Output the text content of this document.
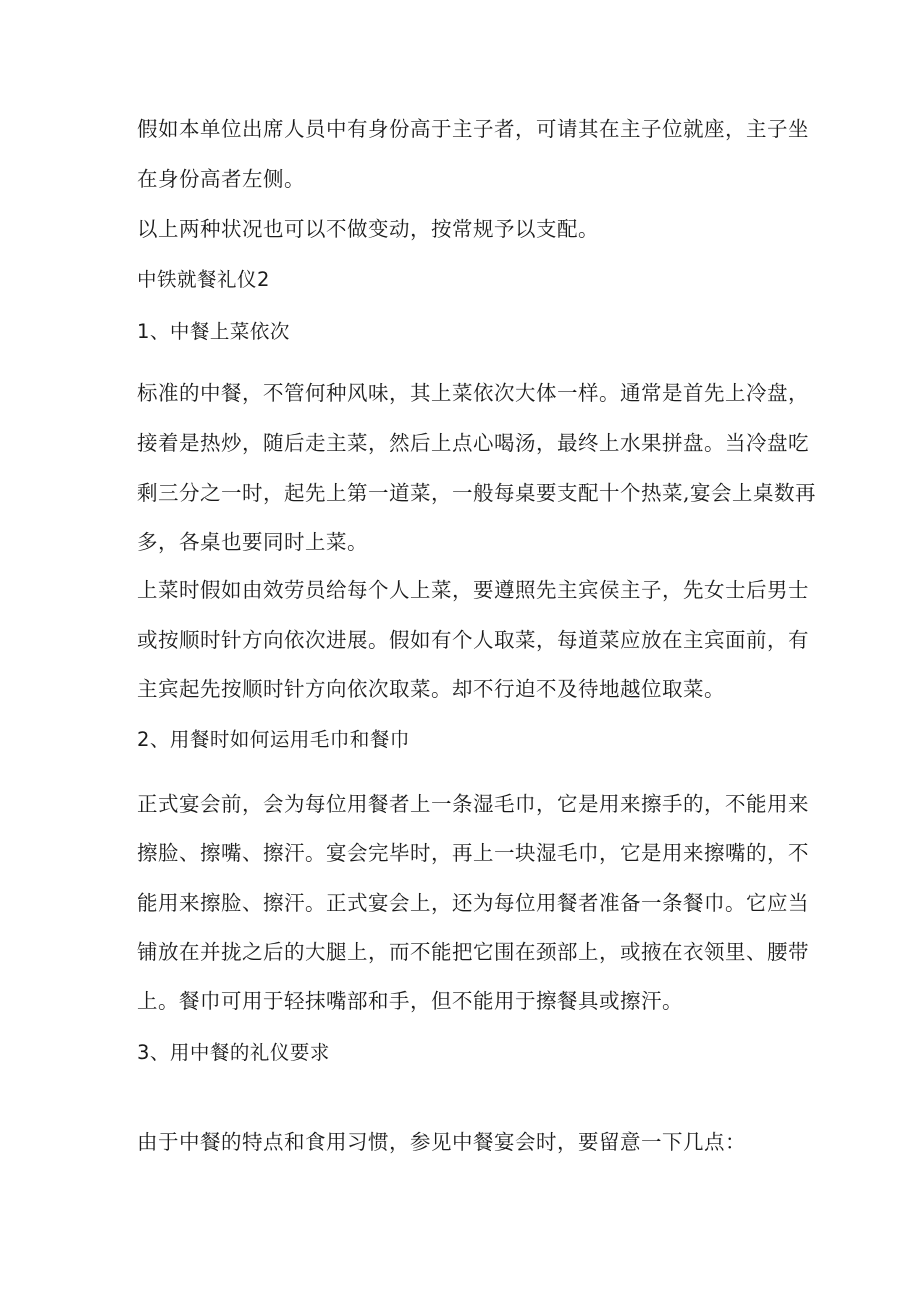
假如本单位出席人员中有身份高于主子者，可请其在主子位就座，主子坐
在身份高者左侧。
以上两种状况也可以不做变动，按常规予以支配。
中铁就餐礼仪2
1、中餐上菜依次
标准的中餐，不管何种风味，其上菜依次大体一样。通常是首先上冷盘，
接着是热炒，随后走主菜，然后上点心喝汤，最终上水果拼盘。当冷盘吃
剩三分之一时，起先上第一道菜，一般每桌要支配十个热菜,宴会上桌数再
多，各桌也要同时上菜。
上菜时假如由效劳员给每个人上菜，要遵照先主宾侯主子，先女士后男士
或按顺时针方向依次进展。假如有个人取菜，每道菜应放在主宾面前，有
主宾起先按顺时针方向依次取菜。却不行迫不及待地越位取菜。
2、用餐时如何运用毛巾和餐巾
正式宴会前，会为每位用餐者上一条湿毛巾，它是用来擦手的，不能用来
擦脸、擦嘴、擦汗。宴会完毕时，再上一块湿毛巾，它是用来擦嘴的，不
能用来擦脸、擦汗。正式宴会上，还为每位用餐者准备一条餐巾。它应当
铺放在并拢之后的大腿上，而不能把它围在颈部上，或掖在衣领里、腰带
上。餐巾可用于轻抹嘴部和手，但不能用于擦餐具或擦汗。
3、用中餐的礼仪要求
由于中餐的特点和食用习惯，参见中餐宴会时，要留意一下几点：
